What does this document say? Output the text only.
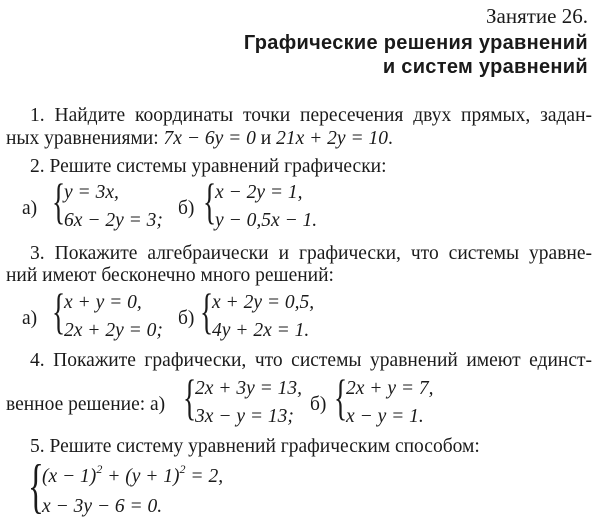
Занятие 26.
Графические решения уравнений
и систем уравнений
1. Найдите координаты точки пересечения двух прямых, задан-
ных уравнениями: 7x − 6y = 0 и 21x + 2y = 10.
2. Решите системы уравнений графически:
а) {
y = 3x,
6x − 2y = 3;
б) {
x − 2y = 1,
y − 0,5x − 1.
3. Покажите алгебраически и графически, что системы уравне-
ний имеют бесконечно много решений:
а) {
x + y = 0,
2x + 2y = 0;
б) {
x + 2y = 0,5,
4y + 2x = 1.
4. Покажите графически, что системы уравнений имеют единст-
венное решение: а) {
2x + 3y = 13,
3x − y = 13;
б) {
2x + y = 7,
x − y = 1.
5. Решите систему уравнений графическим способом:
{
$(x - 1)^2 + (y + 1)^2 = 2$,
x − 3y − 6 = 0.
